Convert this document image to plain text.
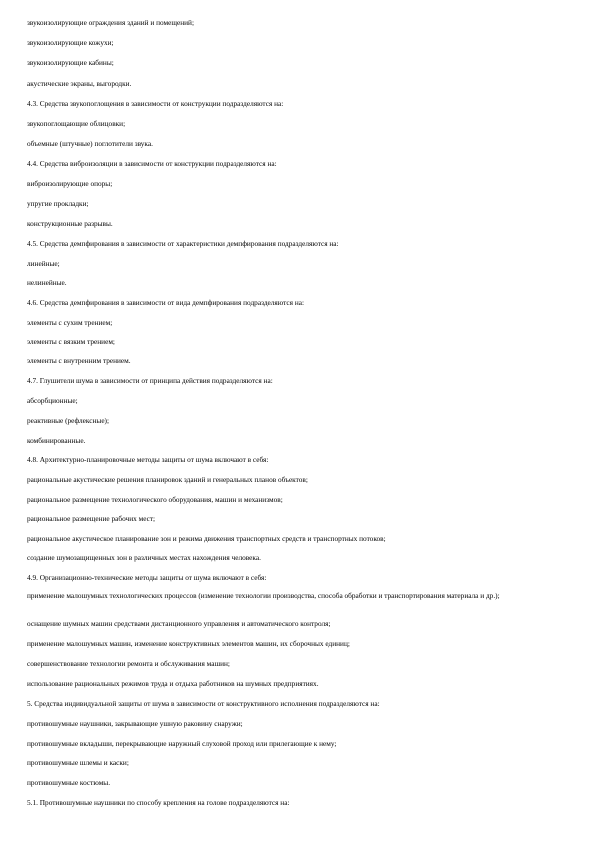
звукоизолирующие ограждения зданий и помещений;

звукоизолирующие кожухи;

звукоизолирующие кабины;

акустические экраны, выгородки.

4.3. Средства звукопоглощения в зависимости от конструкции подразделяются на:

звукопоглощающие облицовки;

объемные (штучные) поглотители звука.

4.4. Средства виброизоляции в зависимости от конструкции подразделяются на:

виброизолирующие опоры;

упругие прокладки;

конструкционные разрывы.

4.5. Средства демпфирования в зависимости от характеристики демпфирования подразделяются на:

линейные;

нелинейные.

4.6. Средства демпфирования в зависимости от вида демпфирования подразделяются на:

элементы с сухим трением;

элементы с вязким трением;

элементы с внутренним трением.

4.7. Глушители шума в зависимости от принципа действия подразделяются на:

абсорбционные;

реактивные (рефлексные);

комбинированные.

4.8. Архитектурно-планировочные методы защиты от шума включают в себя:

рациональные акустические решения планировок зданий и генеральных планов объектов;

рациональное размещение технологического оборудования, машин и механизмов;

рациональное размещение рабочих мест;

рациональное акустическое планирование зон и режима движения транспортных средств и транспортных потоков;

создание шумозащищенных зон в различных местах нахождения человека.

4.9. Организационно-технические методы защиты от шума включают в себя:

применение малошумных технологических процессов (изменение технологии производства, способа обработки и транспортирования материала и др.);

оснащение шумных машин средствами дистанционного управления и автоматического контроля;

применение малошумных машин, изменение конструктивных элементов машин, их сборочных единиц;

совершенствование технологии ремонта и обслуживания машин;

использование рациональных режимов труда и отдыха работников на шумных предприятиях.

5. Средства индивидуальной защиты от шума в зависимости от конструктивного исполнения подразделяются на:

противошумные наушники, закрывающие ушную раковину снаружи;

противошумные вкладыши, перекрывающие наружный слуховой проход или прилегающие к нему;

противошумные шлемы и каски;

противошумные костюмы.

5.1. Противошумные наушники по способу крепления на голове подразделяются на:
